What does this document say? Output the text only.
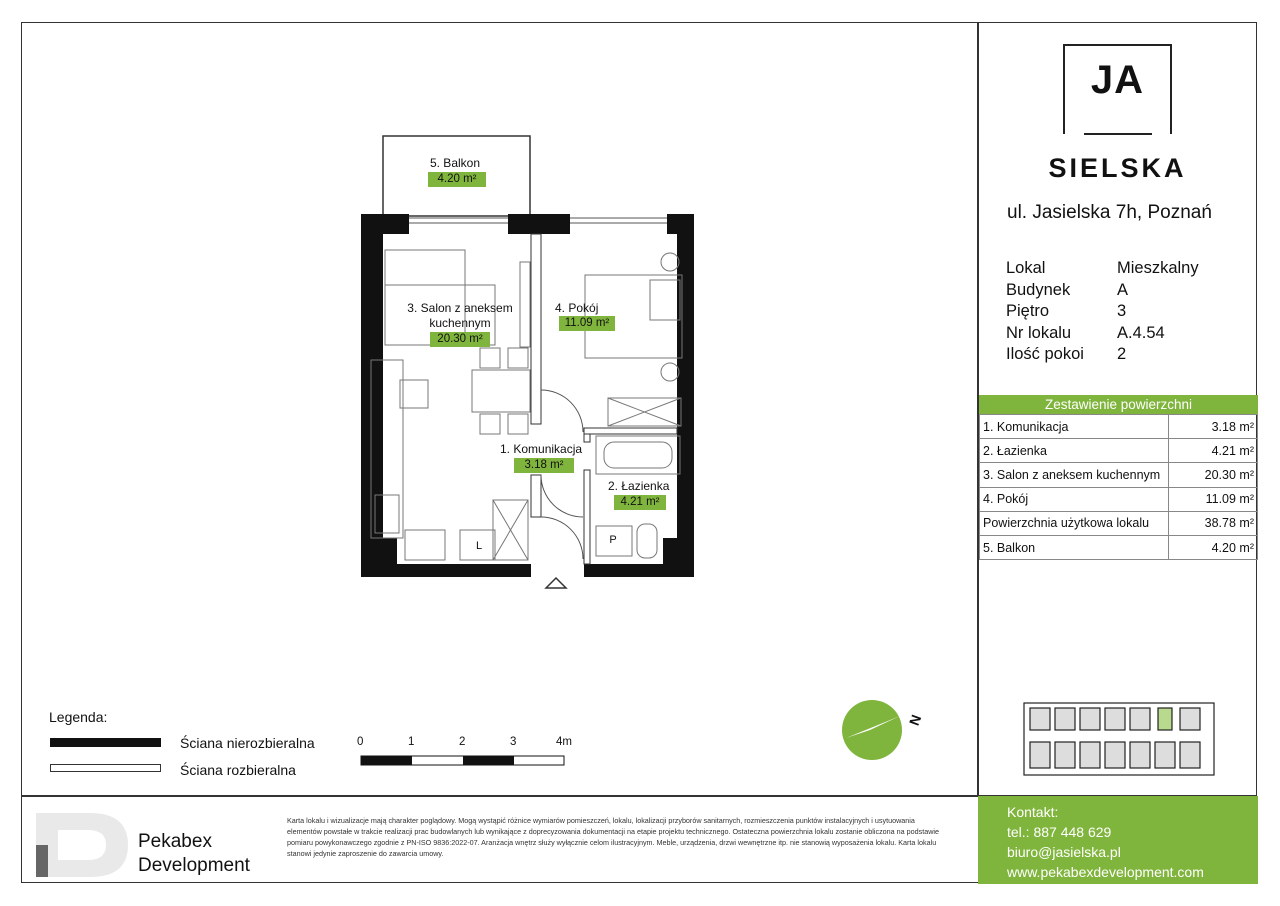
5. Balkon
4.20 m²
3. Salon z aneksem
kuchennym
20.30 m²
4. Pokój
11.09 m²
1. Komunikacja
3.18 m²
2. Łazienka
4.21 m²
P
L
JA
SIELSKA
ul. Jasielska 7h, Poznań
Lokal	Mieszkalny
Budynek	A
Piętro	3
Nr lokalu	A.4.54
Ilość pokoi	2
Zestawienie powierzchni
1. Komunikacja	3.18 m²
2. Łazienka	4.21 m²
3. Salon z aneksem kuchennym	20.30 m²
4. Pokój	11.09 m²
Powierzchnia użytkowa lokalu	38.78 m²
5. Balkon	4.20 m²
Legenda:
Ściana nierozbieralna
Ściana rozbieralna
0	1	2	3	4m
N
Pekabex
Development
Karta lokalu i wizualizacje mają charakter poglądowy. Mogą wystąpić różnice wymiarów pomieszczeń, lokalu, lokalizacji przyborów sanitarnych, rozmieszczenia punktów instalacyjnych i usytuowania elementów powstałe w trakcie realizacji prac budowlanych lub wynikające z doprecyzowania dokumentacji na etapie projektu technicznego. Ostateczna powierzchnia lokalu zostanie obliczona na podstawie pomiaru powykonawczego zgodnie z PN-ISO 9836:2022-07. Aranżacja wnętrz służy wyłącznie celom ilustracyjnym. Meble, urządzenia, drzwi wewnętrzne itp. nie stanowią wyposażenia lokalu. Karta lokalu stanowi jedynie zaproszenie do zawarcia umowy.
Kontakt:
tel.: 887 448 629
biuro@jasielska.pl
www.pekabexdevelopment.com
